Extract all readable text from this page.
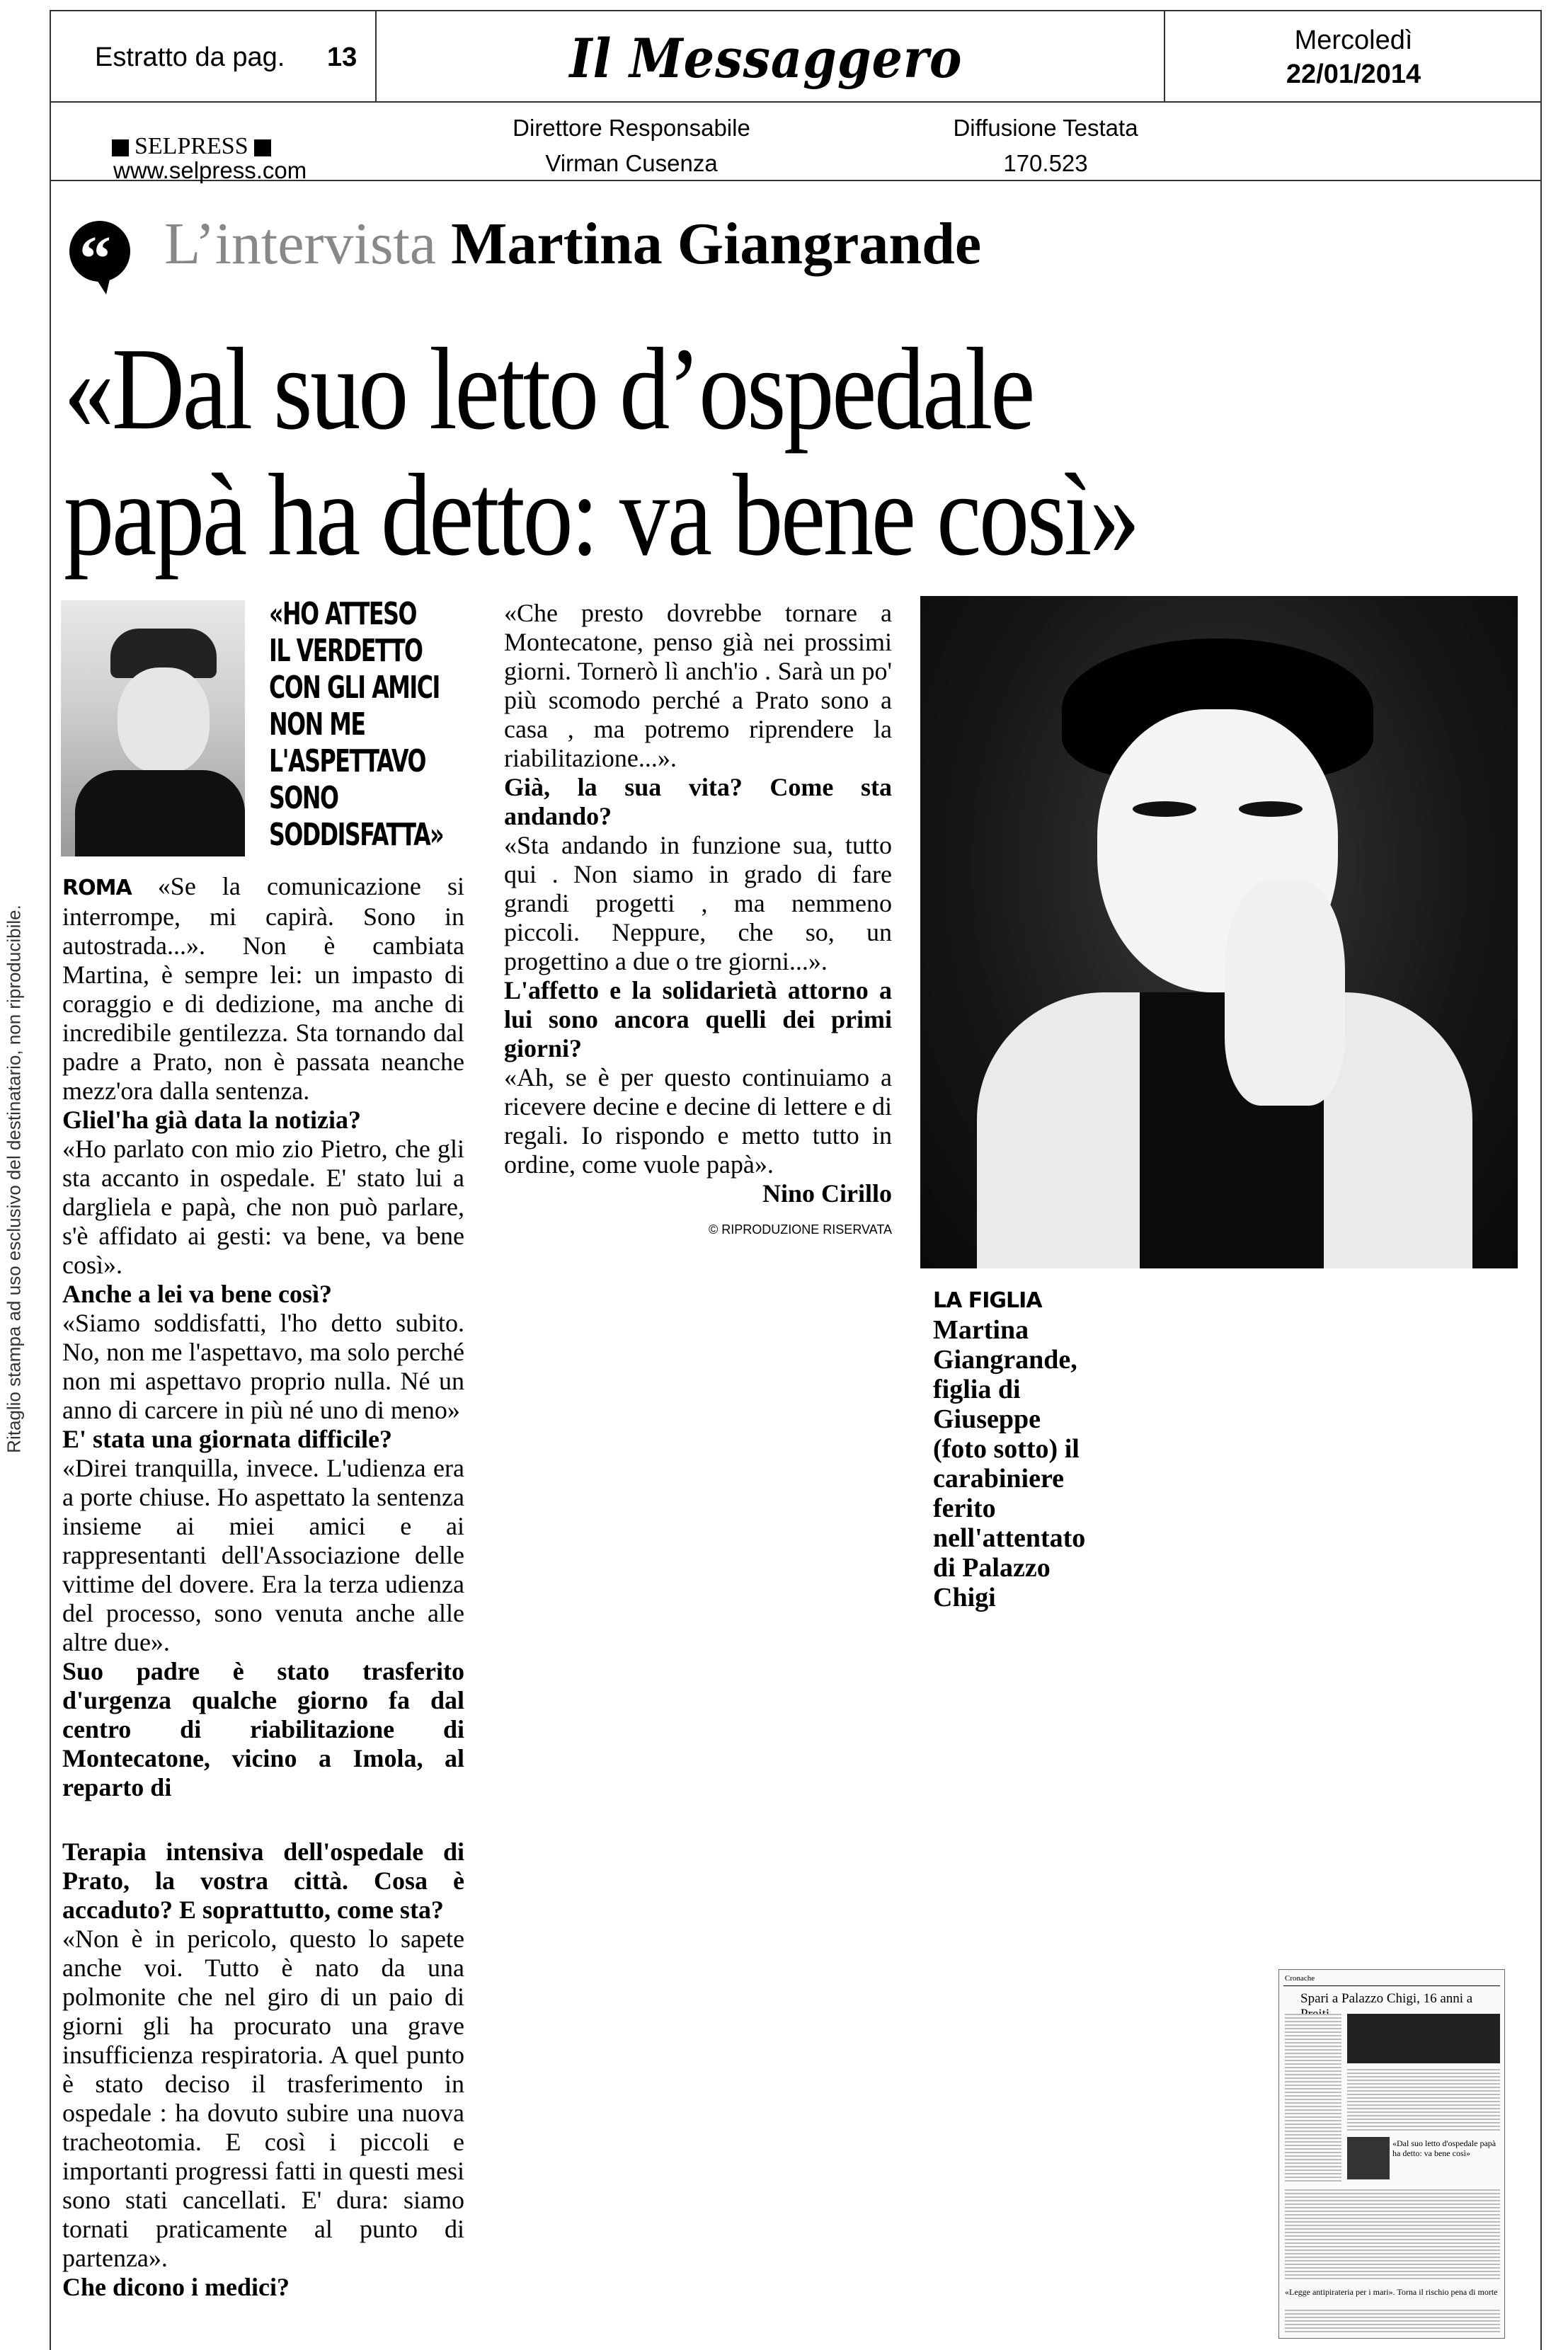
Estratto da pag. 13	Il Messaggero	Mercoledì
22/01/2014
SELPRESS
www.selpress.com
Direttore Responsabile
Virman Cusenza
Diffusione Testata
170.523
Ritaglio stampa ad uso esclusivo del destinatario, non riproducibile.
“ L’intervista Martina Giangrande
«Dal suo letto d’ospedale
papà ha detto: va bene così»
«HO ATTESO
IL VERDETTO
CON GLI AMICI
NON ME
L'ASPETTAVO
SONO
SODDISFATTA»

ROMA «Se la comunicazione si interrompe, mi capirà. Sono in autostrada...». Non è cambiata Martina, è sempre lei: un impasto di coraggio e di dedizione, ma anche di incredibile gentilezza. Sta tornando dal padre a Prato, non è passata neanche mezz'ora dalla sentenza.

Gliel'ha già data la notizia?

«Ho parlato con mio zio Pietro, che gli sta accanto in ospedale. E' stato lui a dargliela e papà, che non può parlare, s'è affidato ai gesti: va bene, va bene così».

Anche a lei va bene così?

«Siamo soddisfatti, l'ho detto subito. No, non me l'aspettavo, ma solo perché non mi aspettavo proprio nulla. Né un anno di carcere in più né uno di meno»

E' stata una giornata difficile?

«Direi tranquilla, invece. L'udienza era a porte chiuse. Ho aspettato la sentenza insieme ai miei amici e ai rappresentanti dell'Associazione delle vittime del dovere. Era la terza udienza del processo, sono venuta anche alle altre due».

Suo padre è stato trasferito d'urgenza qualche giorno fa dal centro di riabilitazione di Montecatone, vicino a Imola, al reparto di

Terapia intensiva dell'ospedale di Prato, la vostra città. Cosa è accaduto? E soprattutto, come sta?

«Non è in pericolo, questo lo sapete anche voi. Tutto è nato da una polmonite che nel giro di un paio di giorni gli ha procurato una grave insufficienza respiratoria. A quel punto è stato deciso il trasferimento in ospedale : ha dovuto subire una nuova tracheotomia. E così i piccoli e importanti progressi fatti in questi mesi sono stati cancellati. E' dura: siamo tornati praticamente al punto di partenza».

Che dicono i medici?

«Che presto dovrebbe tornare a Montecatone, penso già nei prossimi giorni. Tornerò lì anch'io . Sarà un po' più scomodo perché a Prato sono a casa , ma potremo riprendere la riabilitazione...».

Già, la sua vita? Come sta andando?

«Sta andando in funzione sua, tutto qui . Non siamo in grado di fare grandi progetti , ma nemmeno piccoli. Neppure, che so, un progettino a due o tre giorni...».

L'affetto e la solidarietà attorno a lui sono ancora quelli dei primi giorni?

«Ah, se è per questo continuiamo a ricevere decine e decine di lettere e di regali. Io rispondo e metto tutto in ordine, come vuole papà».

Nino Cirillo

© RIPRODUZIONE RISERVATA

LA FIGLIA
Martina
Giangrande,
figlia di
Giuseppe
(foto sotto) il
carabiniere
ferito
nell'attentato
di Palazzo
Chigi
Cronache
Spari a Palazzo Chigi, 16 anni a
«Dal suo letto d'ospedale papà ha detto: va bene così»
«Legge antipirateria per i mari». Torna il rischio pena di morte
